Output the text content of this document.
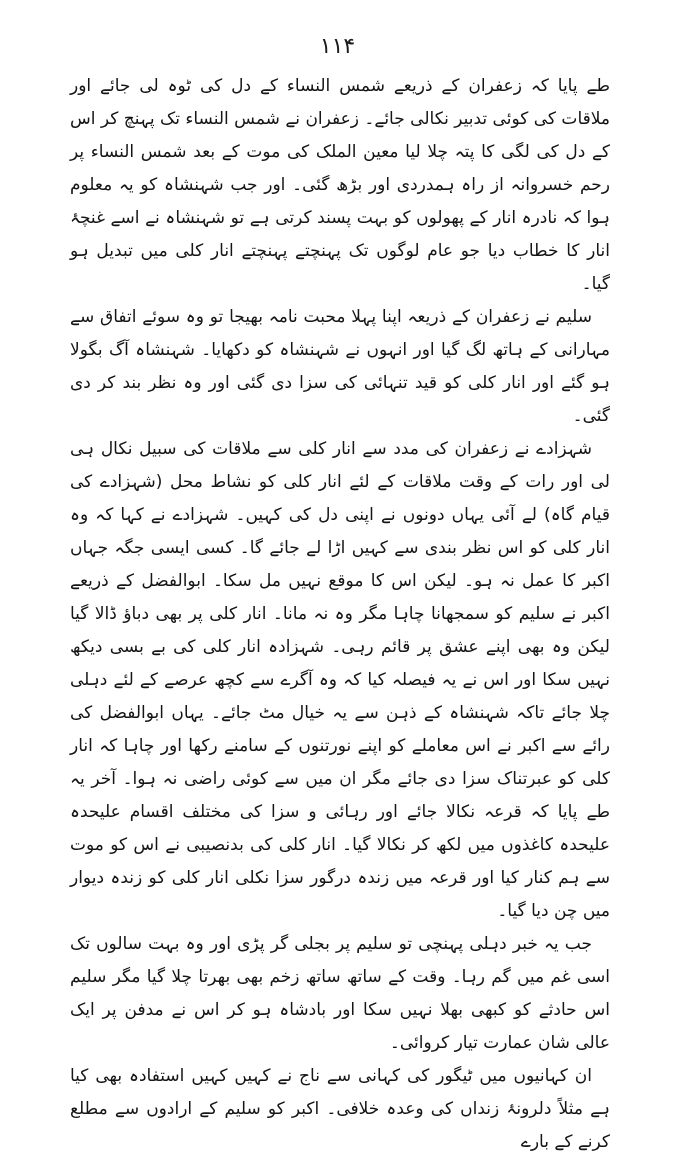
۱۱۴

طے پایا کہ زعفران کے ذریعے شمس النساء کے دل کی ٹوہ لی جائے اور ملاقات کی کوئی تدبیر نکالی جائے۔ زعفران نے شمس النساء تک پہنچ کر اس کے دل کی لگی کا پتہ چلا لیا معین الملک کی موت کے بعد شمس النساء پر رحم خسروانہ از راہ ہمدردی اور بڑھ گئی۔ اور جب شہنشاہ کو یہ معلوم ہوا کہ نادرہ انار کے پھولوں کو بہت پسند کرتی ہے تو شہنشاہ نے اسے غنچۂ انار کا خطاب دیا جو عام لوگوں تک پہنچتے پہنچتے انار کلی میں تبدیل ہو گیا۔

سلیم نے زعفران کے ذریعہ اپنا پہلا محبت نامہ بھیجا تو وہ سوئے اتفاق سے مہارانی کے ہاتھ لگ گیا اور انہوں نے شہنشاہ کو دکھایا۔ شہنشاہ آگ بگولا ہو گئے اور انار کلی کو قید تنہائی کی سزا دی گئی اور وہ نظر بند کر دی گئی۔

شہزادے نے زعفران کی مدد سے انار کلی سے ملاقات کی سبیل نکال ہی لی اور رات کے وقت ملاقات کے لئے انار کلی کو نشاط محل (شہزادے کی قیام گاہ) لے آئی یہاں دونوں نے اپنی دل کی کہیں۔ شہزادے نے کہا کہ وہ انار کلی کو اس نظر بندی سے کہیں اڑا لے جائے گا۔ کسی ایسی جگہ جہاں اکبر کا عمل نہ ہو۔ لیکن اس کا موقع نہیں مل سکا۔ ابوالفضل کے ذریعے اکبر نے سلیم کو سمجھانا چاہا مگر وہ نہ مانا۔ انار کلی پر بھی دباؤ ڈالا گیا لیکن وہ بھی اپنے عشق پر قائم رہی۔ شہزادہ انار کلی کی بے بسی دیکھ نہیں سکا اور اس نے یہ فیصلہ کیا کہ وہ آگرے سے کچھ عرصے کے لئے دہلی چلا جائے تاکہ شہنشاہ کے ذہن سے یہ خیال مٹ جائے۔ یہاں ابوالفضل کی رائے سے اکبر نے اس معاملے کو اپنے نورتنوں کے سامنے رکھا اور چاہا کہ انار کلی کو عبرتناک سزا دی جائے مگر ان میں سے کوئی راضی نہ ہوا۔ آخر یہ طے پایا کہ قرعہ نکالا جائے اور رہائی و سزا کی مختلف اقسام علیحدہ علیحدہ کاغذوں میں لکھ کر نکالا گیا۔ انار کلی کی بدنصیبی نے اس کو موت سے ہم کنار کیا اور قرعہ میں زندہ درگور سزا نکلی انار کلی کو زندہ دیوار میں چن دیا گیا۔

جب یہ خبر دہلی پہنچی تو سلیم پر بجلی گر پڑی اور وہ بہت سالوں تک اسی غم میں گم رہا۔ وقت کے ساتھ ساتھ زخم بھی بھرتا چلا گیا مگر سلیم اس حادثے کو کبھی بھلا نہیں سکا اور بادشاہ ہو کر اس نے مدفن پر ایک عالی شان عمارت تیار کروائی۔

ان کہانیوں میں ٹیگور کی کہانی سے ناج نے کہیں کہیں استفادہ بھی کیا ہے مثلاً دلرونۂ زنداں کی وعدہ خلافی۔ اکبر کو سلیم کے ارادوں سے مطلع کرنے کے بارے
